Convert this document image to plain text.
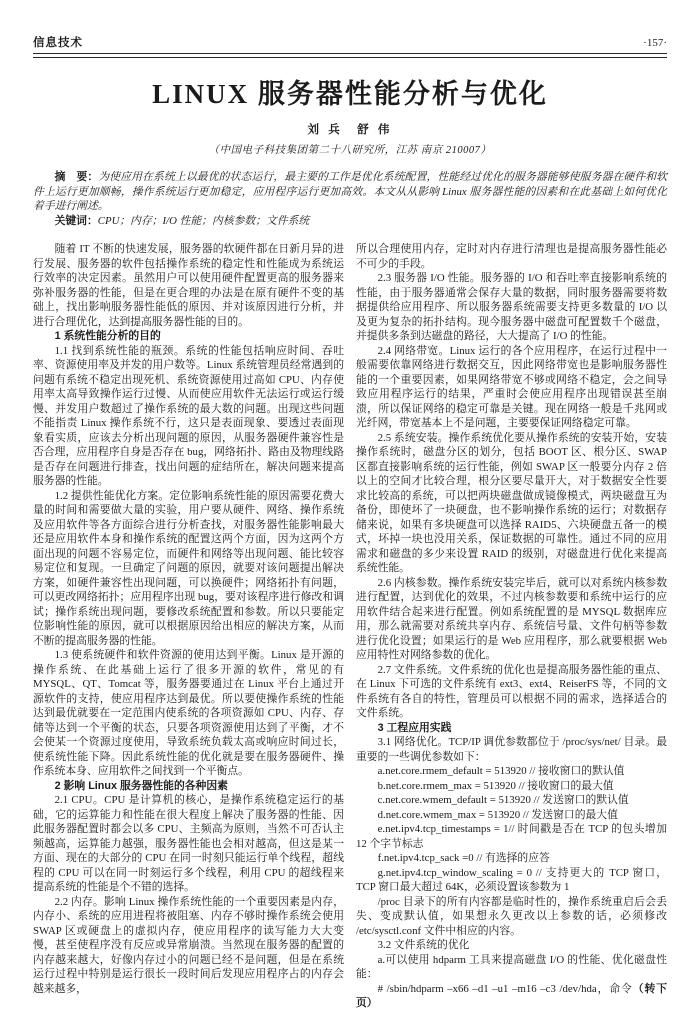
信息技术	·157·
LINUX 服务器性能分析与优化
刘 兵　舒 伟
（中国电子科技集团第二十八研究所，江苏 南京 210007）

摘　要：为使应用在系统上以最优的状态运行，最主要的工作是优化系统配置，性能经过优化的服务器能够使服务器在硬件和软件上运行更加顺畅，操作系统运行更加稳定，应用程序运行更加高效。本文从从影响 Linux 服务器性能的因素和在此基础上如何优化着手进行阐述。

关键词：CPU；内存；I/O 性能；内核参数；文件系统

随着 IT 不断的快速发展，服务器的软硬件都在日新月异的进行发展、服务器的软件包括操作系统的稳定性和性能成为系统运行效率的决定因素。虽然用户可以使用硬件配置更高的服务器来弥补服务器的性能，但是在更合理的办法是在原有硬件不变的基础上，找出影响服务器性能低的原因、并对该原因进行分析，并进行合理优化，达到提高服务器性能的目的。

1 系统性能分析的目的

1.1 找到系统性能的瓶颈。系统的性能包括响应时间、吞吐率、资源使用率及并发的用户数等。Linux 系统管理员经常遇到的问题有系统不稳定出现死机、系统资源使用过高如 CPU、内存使用率太高导致操作运行过慢、从而使应用软件无法运行或运行缓慢、并发用户数超过了操作系统的最大数的问题。出现这些问题不能指责 Linux 操作系统不行，这只是表面现象、要透过表面现象看实质，应该去分析出现问题的原因，从服务器硬件兼容性是否合理，应用程序自身是否存在 bug，网络拓扑、路由及物理线路是否存在问题进行排查，找出问题的症结所在，解决问题来提高服务器的性能。

1.2 提供性能优化方案。定位影响系统性能的原因需要花费大量的时间和需要做大量的实验，用户要从硬件、网络、操作系统及应用软件等各方面综合进行分析查找，对服务器性能影响最大还是应用软件本身和操作系统的配置这两个方面，因为这两个方面出现的问题不容易定位，而硬件和网络等出现问题、能比较容易定位和复现。一旦确定了问题的原因，就要对该问题提出解决方案，如硬件兼容性出现问题，可以换硬件；网络拓扑有问题，可以更改网络拓扑；应用程序出现 bug，要对该程序进行修改和调试；操作系统出现问题，要修改系统配置和参数。所以只要能定位影响性能的原因，就可以根据原因给出相应的解决方案，从而不断的提高服务器的性能。

1.3 使系统硬件和软件资源的使用达到平衡。Linux 是开源的操作系统、在此基础上运行了很多开源的软件，常见的有 MYSQL、QT、Tomcat 等，服务器要通过在 Linux 平台上通过开源软件的支持，使应用程序达到最优。所以要使操作系统的性能达到最优就要在一定范围内使系统的各项资源如 CPU、内存、存储等达到一个平衡的状态，只要各项资源使用达到了平衡，才不会使某一个资源过度使用，导致系统负载太高或响应时间过长，使系统性能下降。因此系统性能的优化就是要在服务器硬件、操作系统本身、应用软件之间找到一个平衡点。

2 影响 Linux 服务器性能的各种因素

2.1 CPU。CPU 是计算机的核心，是操作系统稳定运行的基础，它的运算能力和性能在很大程度上解决了服务器的性能、因此服务器配置时都会以多 CPU、主频高为原则，当然不可否认主频越高，运算能力越强，服务器性能也会相对越高，但这是某一方面、现在的大部分的 CPU 在同一时刻只能运行单个线程，超线程的 CPU 可以在同一时刻运行多个线程，利用 CPU 的超线程来提高系统的性能是个不错的选择。

2.2 内存。影响 Linux 操作系统性能的一个重要因素是内存，内存小、系统的应用进程将被阻塞、内存不够时操作系统会使用 SWAP 区或硬盘上的虚拟内存，使应用程序的读写能力大大变慢，甚至使程序没有反应或异常崩溃。当然现在服务器的配置的内存越来越大，好像内存过小的问题已经不是问题，但是在系统运行过程中特别是运行很长一段时间后发现应用程序占的内存会越来越多，

所以合理使用内存，定时对内存进行清理也是提高服务器性能必不可少的手段。

2.3 服务器 I/O 性能。服务器的 I/O 和吞吐率直接影响系统的性能，由于服务器通常会保存大量的数据，同时服务器需要将数据提供给应用程序、所以服务器系统需要支持更多数量的 I/O 以及更为复杂的拓扑结构。现今服务器中磁盘可配置数千个磁盘，并提供多条到达磁盘的路径，大大提高了 I/O 的性能。

2.4 网络带宽。Linux 运行的各个应用程序，在运行过程中一般需要依靠网络进行数据交互，因此网络带宽也是影响服务器性能的一个重要因素，如果网络带宽不够或网络不稳定，会之间导致应用程序运行的结果，严重时会使应用程序出现错误甚至崩溃，所以保证网络的稳定可靠是关键。现在网络一般是千兆网或光纤网，带宽基本上不是问题，主要要保证网络稳定可靠。

2.5 系统安装。操作系统优化要从操作系统的安装开始，安装操作系统时，磁盘分区的划分，包括 BOOT 区、根分区、SWAP 区都直接影响系统的运行性能，例如 SWAP 区一般要分内存 2 倍以上的空间才比较合理，根分区要尽量开大，对于数据安全性要求比较高的系统，可以把两块磁盘做成镜像模式，两块磁盘互为备份，即使坏了一块硬盘，也不影响操作系统的运行；对数据存储来说，如果有多块硬盘可以选择 RAID5、六块硬盘五备一的模式，坏掉一块也没用关系，保证数据的可靠性。通过不同的应用需求和磁盘的多少来设置 RAID 的级别，对磁盘进行优化来提高系统性能。

2.6 内核参数。操作系统安装完毕后，就可以对系统内核参数进行配置，达到优化的效果，不过内核参数要和系统中运行的应用软件结合起来进行配置。例如系统配置的是 MYSQL 数据库应用，那么就需要对系统共享内存、系统信号量、文件句柄等参数进行优化设置；如果运行的是 Web 应用程序，那么就要根据 Web 应用特性对网络参数的优化。

2.7 文件系统。文件系统的优化也是提高服务器性能的重点、在 Linux 下可选的文件系统有 ext3、ext4、ReiserFS 等，不同的文件系统有各自的特性，管理员可以根据不同的需求，选择适合的文件系统。

3 工程应用实践

3.1 网络优化。TCP/IP 调优参数都位于 /proc/sys/net/ 目录。最重要的一些调优参数如下：

a.net.core.rmem_default = 513920 // 接收窗口的默认值

b.net.core.rmem_max = 513920 // 接收窗口的最大值

c.net.core.wmem_default = 513920 // 发送窗口的默认值

d.net.core.wmem_max = 513920 // 发送窗口的最大值

e.net.ipv4.tcp_timestamps = 1// 时间戳是否在 TCP 的包头增加 12 个字节标志

f.net.ipv4.tcp_sack =0 // 有选择的应答

g.net.ipv4.tcp_window_scaling = 0 // 支持更大的 TCP 窗口，TCP 窗口最大超过 64K，必须设置该参数为 1

/proc 目录下的所有内容都是临时性的，操作系统重启后会丢失、变成默认值，如果想永久更改以上参数的话，必须修改 /etc/sysctl.conf 文件中相应的内容。

3.2 文件系统的优化

a.可以使用 hdparm 工具来提高磁盘 I/O 的性能、优化磁盘性能：

# /sbin/hdparm –x66 –d1 –u1 –m16 –c3 /dev/hda，命令（转下页）
